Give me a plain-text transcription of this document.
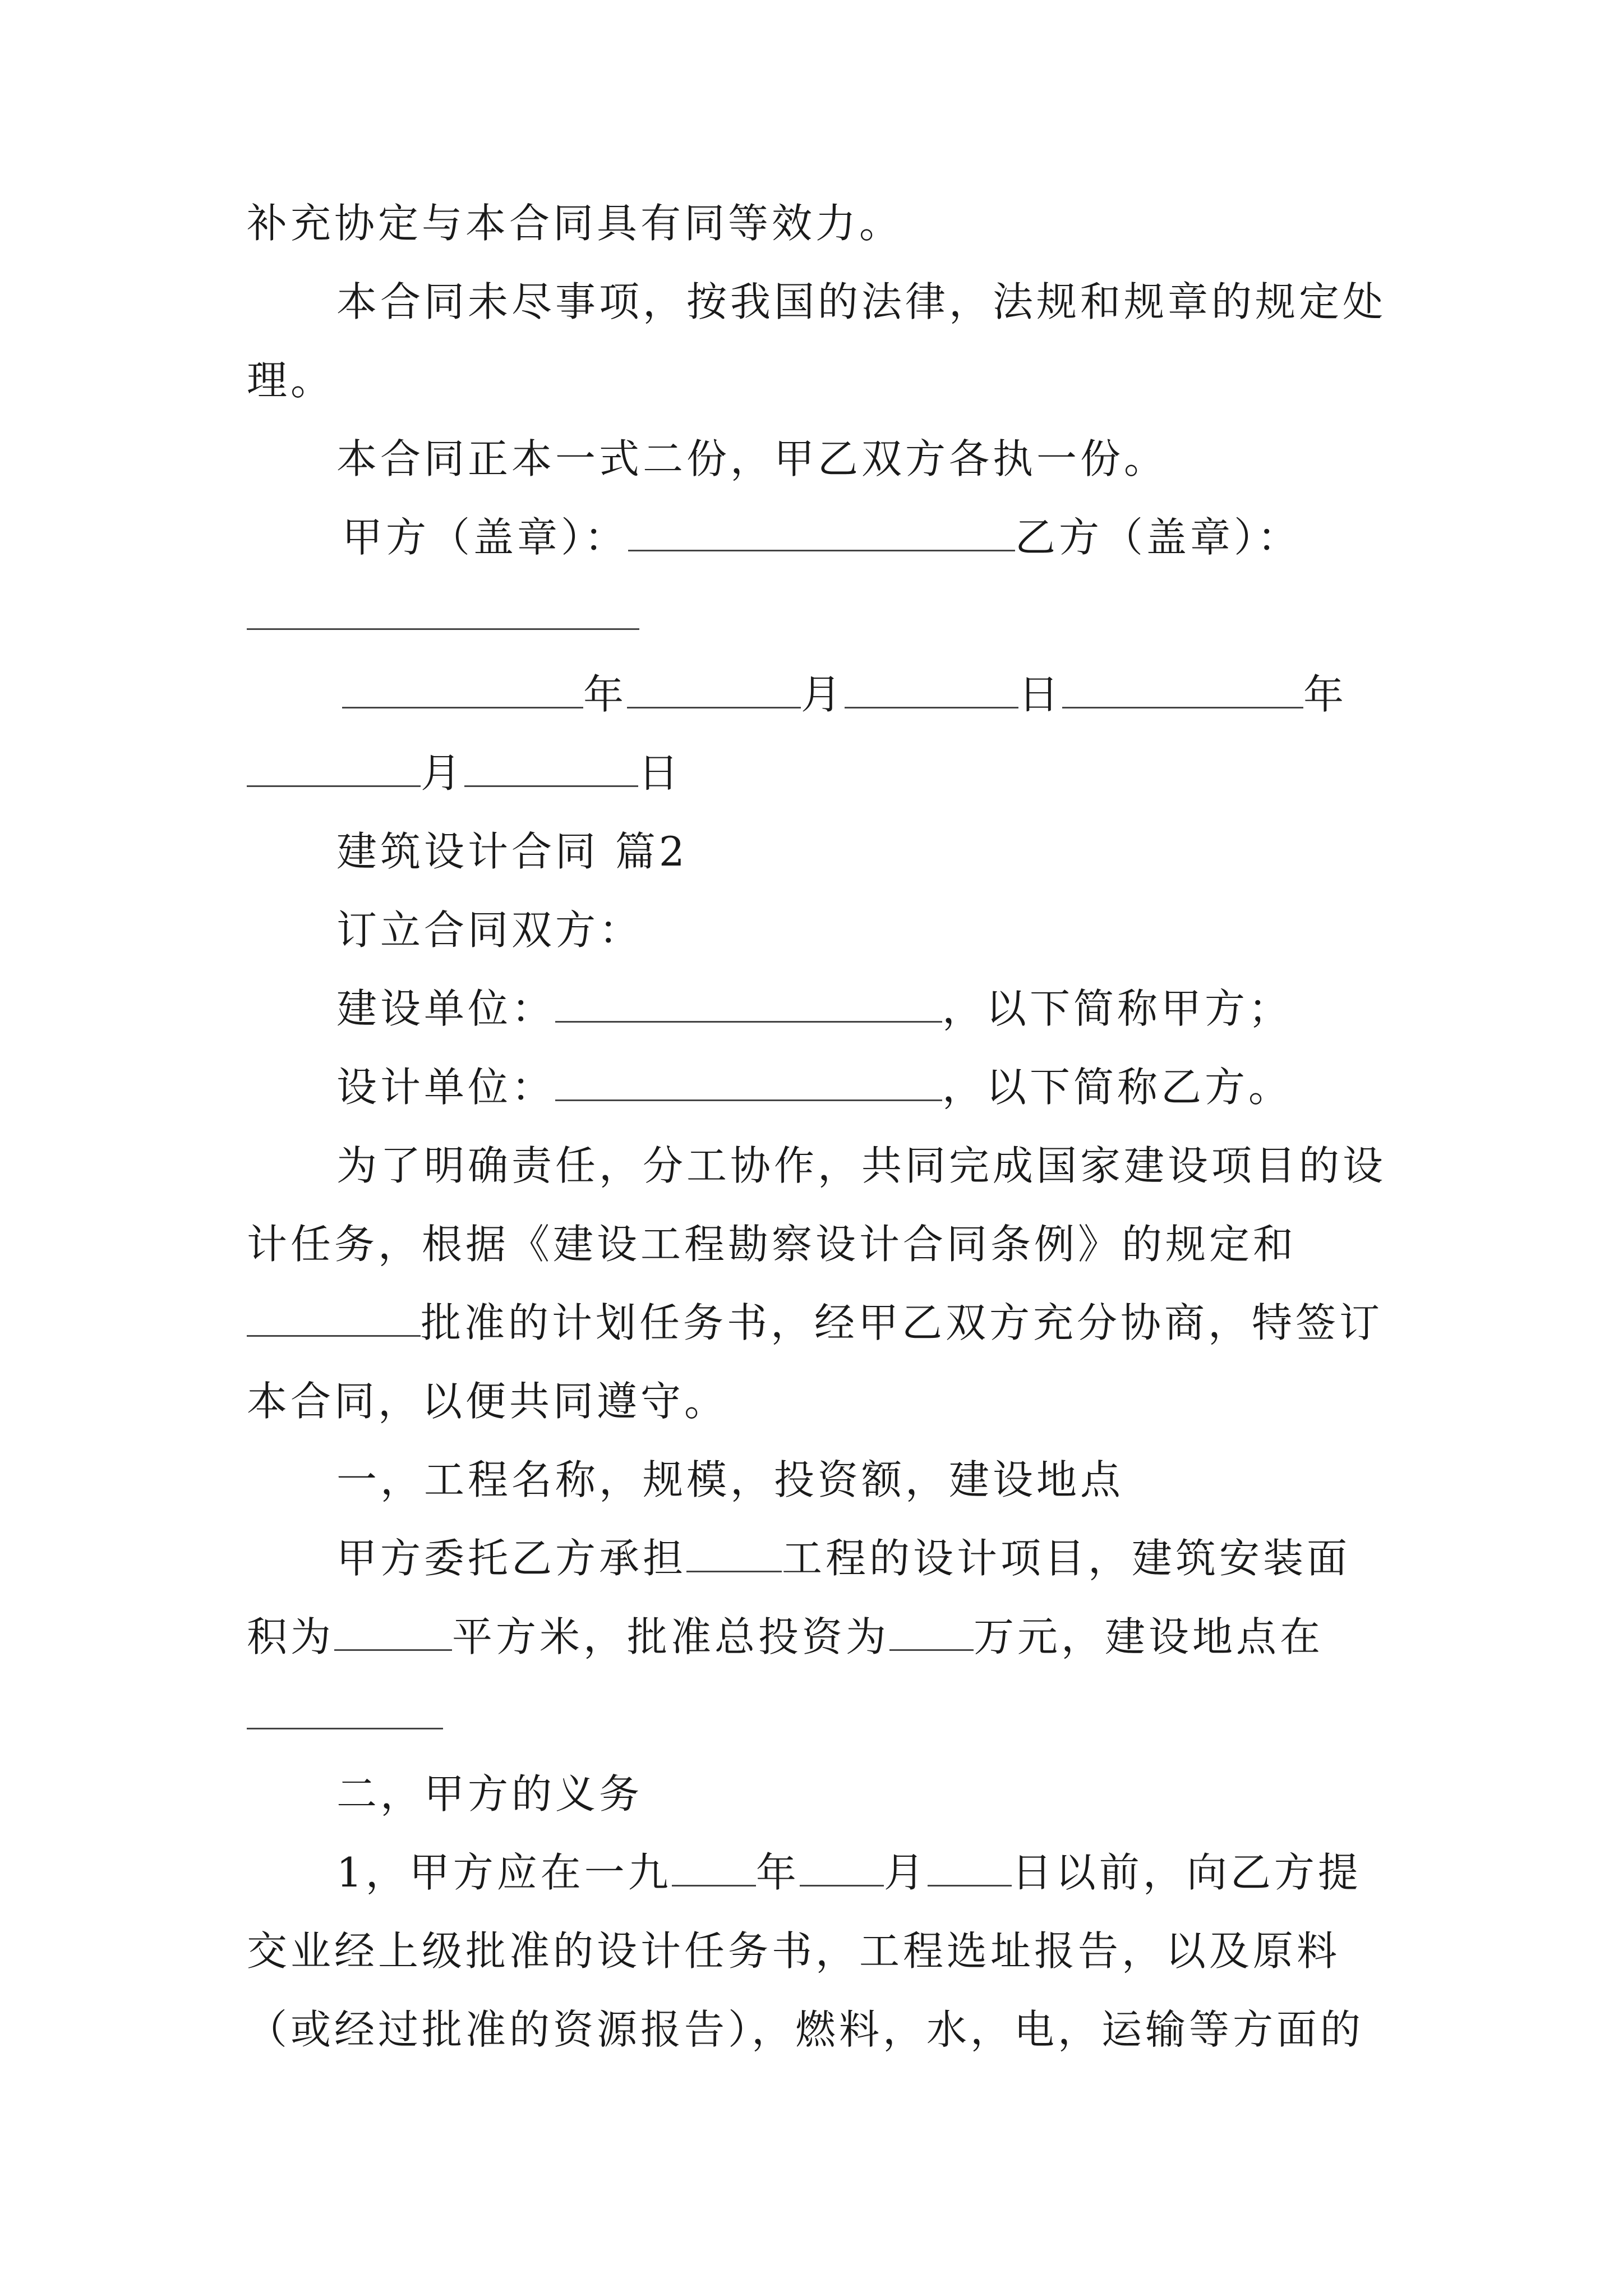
补充协定与本合同具有同等效力。
本合同未尽事项，按我国的法律，法规和规章的规定处
理。
本合同正本一式二份，甲乙双方各执一份。
甲方（盖章）：	乙方（盖章）：
年	月	日	年
月	日
建筑设计合同 篇2
订立合同双方：
建设单位：	，以下简称甲方；
设计单位：	，以下简称乙方。
为了明确责任，分工协作，共同完成国家建设项目的设
计任务，根据《建设工程勘察设计合同条例》的规定和
批准的计划任务书，经甲乙双方充分协商，特签订
本合同，以便共同遵守。
一，工程名称，规模，投资额，建设地点
甲方委托乙方承担 工程的设计项目，建筑安装面
积为	平方米，批准总投资为 万元，建设地点在
二，甲方的义务
1，甲方应在一九 年 月 日以前，向乙方提
交业经上级批准的设计任务书，工程选址报告，以及原料
（或经过批准的资源报告），燃料，水，电，运输等方面的
